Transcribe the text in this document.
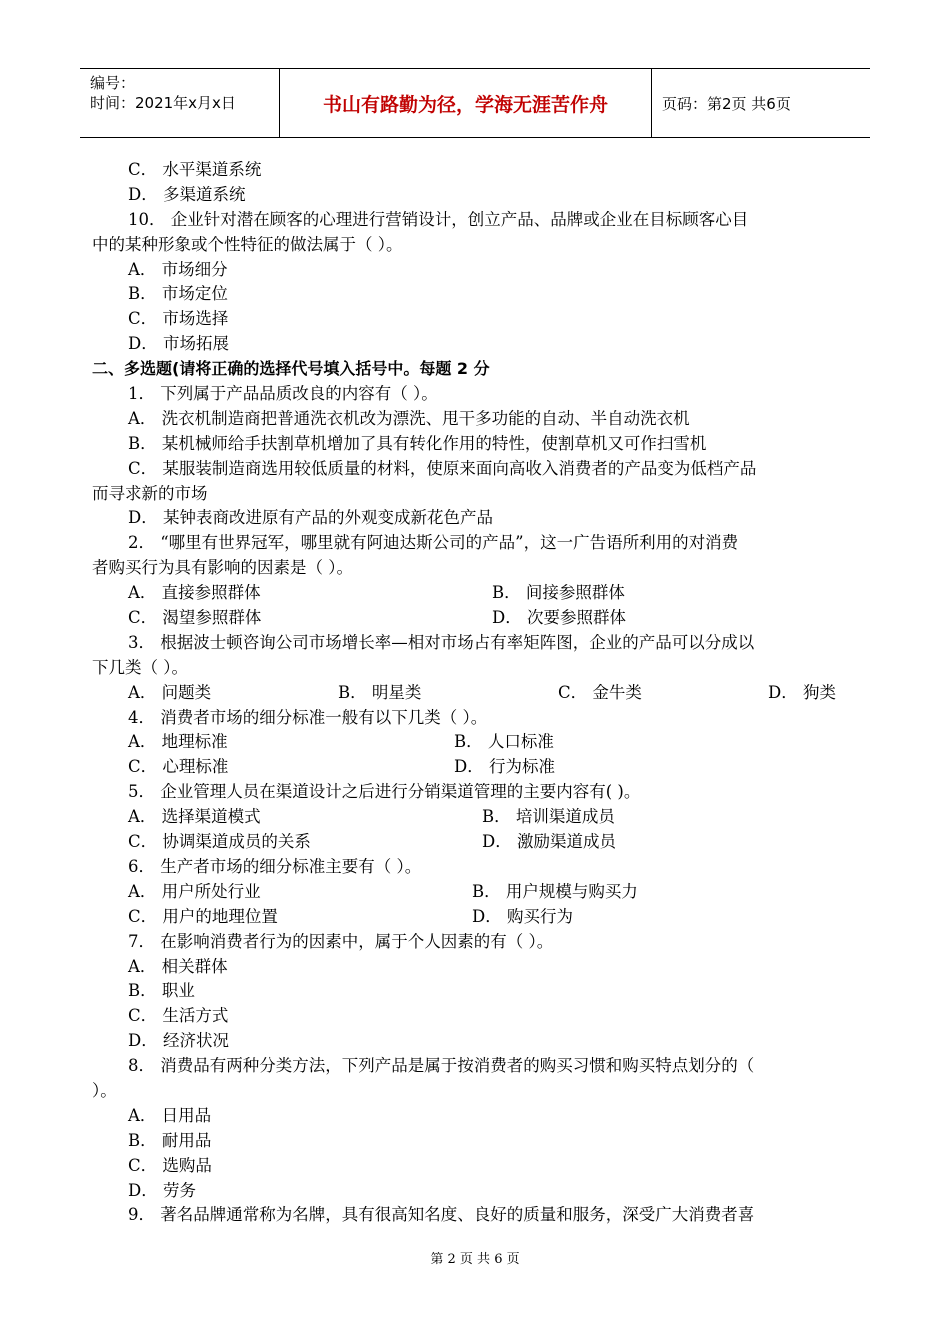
编号：
时间：2021年x月x日	书山有路勤为径，学海无涯苦作舟	页码：第2页 共6页
C． 水平渠道系统
D． 多渠道系统
10． 企业针对潜在顾客的心理进行营销设计，创立产品、品牌或企业在目标顾客心目
中的某种形象或个性特征的做法属于（ ）。
A． 市场细分
B． 市场定位
C． 市场选择
D． 市场拓展
二、多选题(请将正确的选择代号填入括号中。每题 2 分
1． 下列属于产品品质改良的内容有（ ）。
A． 洗衣机制造商把普通洗衣机改为漂洗、甩干多功能的自动、半自动洗衣机
B． 某机械师给手扶割草机增加了具有转化作用的特性，使割草机又可作扫雪机
C． 某服装制造商选用较低质量的材料，使原来面向高收入消费者的产品变为低档产品
而寻求新的市场
D． 某钟表商改进原有产品的外观变成新花色产品
2． “哪里有世界冠军，哪里就有阿迪达斯公司的产品”，这一广告语所利用的对消费
者购买行为具有影响的因素是（ ）。
A． 直接参照群体	B． 间接参照群体
C． 渴望参照群体	D． 次要参照群体
3． 根据波士顿咨询公司市场增长率—相对市场占有率矩阵图，企业的产品可以分成以
下几类（ ）。
A． 问题类	B． 明星类	C． 金牛类	D． 狗类
4． 消费者市场的细分标准一般有以下几类（ ）。
A． 地理标准	B． 人口标准
C． 心理标准	D． 行为标准
5． 企业管理人员在渠道设计之后进行分销渠道管理的主要内容有( )。
A． 选择渠道模式	B． 培训渠道成员
C． 协调渠道成员的关系	D． 激励渠道成员
6． 生产者市场的细分标准主要有（ ）。
A． 用户所处行业	B． 用户规模与购买力
C． 用户的地理位置	D． 购买行为
7． 在影响消费者行为的因素中，属于个人因素的有（ ）。
A． 相关群体
B． 职业
C． 生活方式
D． 经济状况
8． 消费品有两种分类方法，下列产品是属于按消费者的购买习惯和购买特点划分的（
）。
A． 日用品
B． 耐用品
C． 选购品
D． 劳务
9． 著名品牌通常称为名牌，具有很高知名度、良好的质量和服务，深受广大消费者喜
第 2 页 共 6 页
